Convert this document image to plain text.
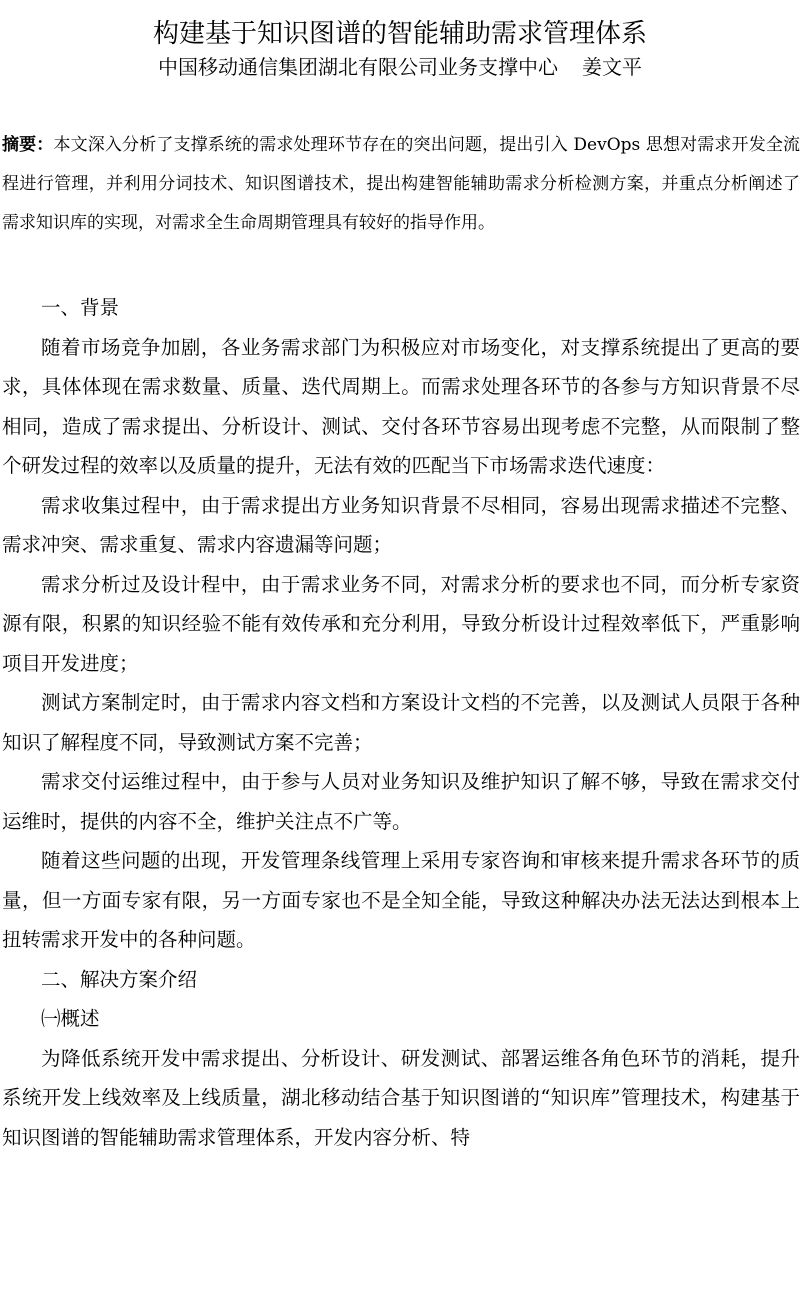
构建基于知识图谱的智能辅助需求管理体系
中国移动通信集团湖北有限公司业务支撑中心 姜文平
摘要：本文深入分析了支撑系统的需求处理环节存在的突出问题，提出引入 DevOps 思想对需求开发全流程进行管理，并利用分词技术、知识图谱技术，提出构建智能辅助需求分析检测方案，并重点分析阐述了需求知识库的实现，对需求全生命周期管理具有较好的指导作用。
一、背景

随着市场竞争加剧，各业务需求部门为积极应对市场变化，对支撑系统提出了更高的要求，具体体现在需求数量、质量、迭代周期上。而需求处理各环节的各参与方知识背景不尽相同，造成了需求提出、分析设计、测试、交付各环节容易出现考虑不完整，从而限制了整个研发过程的效率以及质量的提升，无法有效的匹配当下市场需求迭代速度：

需求收集过程中，由于需求提出方业务知识背景不尽相同，容易出现需求描述不完整、需求冲突、需求重复、需求内容遗漏等问题；

需求分析过及设计程中，由于需求业务不同，对需求分析的要求也不同，而分析专家资源有限，积累的知识经验不能有效传承和充分利用，导致分析设计过程效率低下，严重影响项目开发进度；

测试方案制定时，由于需求内容文档和方案设计文档的不完善，以及测试人员限于各种知识了解程度不同，导致测试方案不完善；

需求交付运维过程中，由于参与人员对业务知识及维护知识了解不够，导致在需求交付运维时，提供的内容不全，维护关注点不广等。

随着这些问题的出现，开发管理条线管理上采用专家咨询和审核来提升需求各环节的质量，但一方面专家有限，另一方面专家也不是全知全能，导致这种解决办法无法达到根本上扭转需求开发中的各种问题。

二、解决方案介绍
㈠概述

为降低系统开发中需求提出、分析设计、研发测试、部署运维各角色环节的消耗，提升系统开发上线效率及上线质量，湖北移动结合基于知识图谱的“知识库”管理技术，构建基于知识图谱的智能辅助需求管理体系，开发内容分析、特
